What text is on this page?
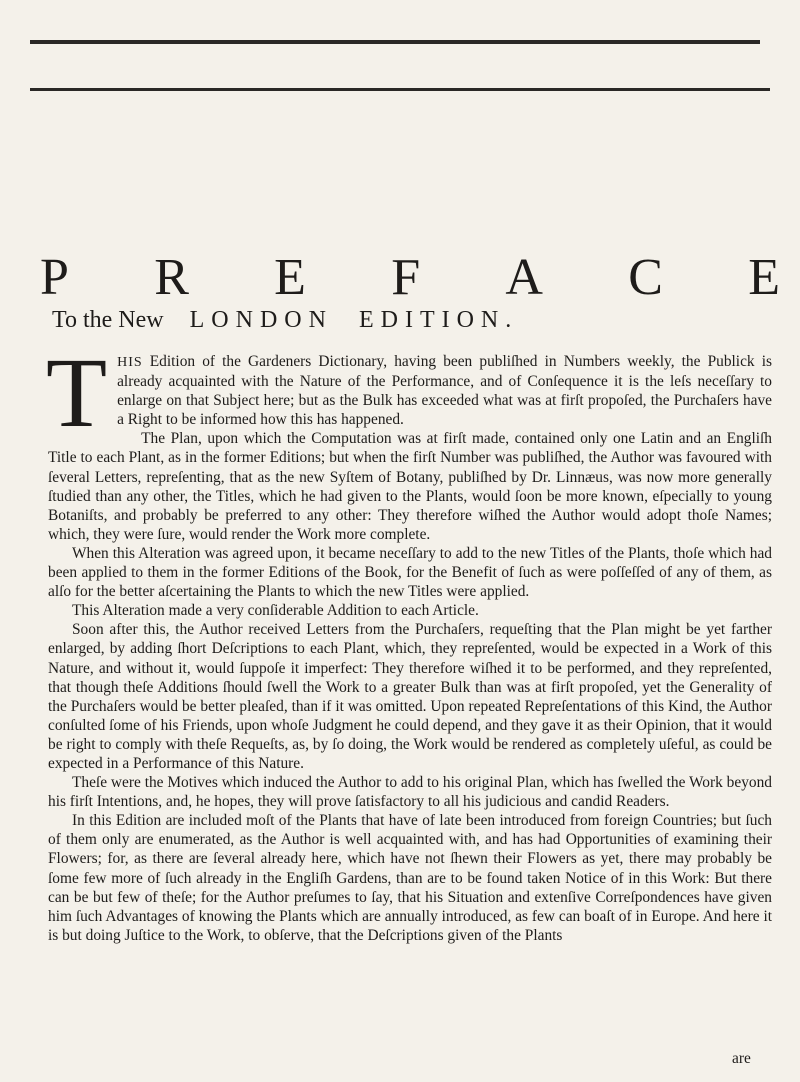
P R E F A C E
To the New LONDON EDITION.

T HIS Edition of the Gardeners Dictionary, having been publiſhed in Numbers weekly, the Publick is already acquainted with the Nature of the Performance, and of Conſequence it is the leſs neceſſary to enlarge on that Subject here; but as the Bulk has exceeded what was at firſt propoſed, the Purchaſers have a Right to be informed how this has happened.

The Plan, upon which the Computation was at firſt made, contained only one Latin and an Engliſh Title to each Plant, as in the former Editions; but when the firſt Number was publiſhed, the Author was favoured with ſeveral Letters, repreſenting, that as the new Syſtem of Botany, publiſhed by Dr. Linnæus, was now more generally ſtudied than any other, the Titles, which he had given to the Plants, would ſoon be more known, eſpecially to young Botaniſts, and probably be preferred to any other: They therefore wiſhed the Author would adopt thoſe Names; which, they were ſure, would render the Work more complete.

When this Alteration was agreed upon, it became neceſſary to add to the new Titles of the Plants, thoſe which had been applied to them in the former Editions of the Book, for the Benefit of ſuch as were poſſeſſed of any of them, as alſo for the better aſcertaining the Plants to which the new Titles were applied.

This Alteration made a very conſiderable Addition to each Article.

Soon after this, the Author received Letters from the Purchaſers, requeſting that the Plan might be yet farther enlarged, by adding ſhort Deſcriptions to each Plant, which, they repreſented, would be expected in a Work of this Nature, and without it, would ſuppoſe it imperfect: They therefore wiſhed it to be performed, and they repreſented, that though theſe Additions ſhould ſwell the Work to a greater Bulk than was at firſt propoſed, yet the Generality of the Purchaſers would be better pleaſed, than if it was omitted. Upon repeated Repreſentations of this Kind, the Author conſulted ſome of his Friends, upon whoſe Judgment he could depend, and they gave it as their Opinion, that it would be right to comply with theſe Requeſts, as, by ſo doing, the Work would be rendered as completely uſeful, as could be expected in a Performance of this Nature.

Theſe were the Motives which induced the Author to add to his original Plan, which has ſwelled the Work beyond his firſt Intentions, and, he hopes, they will prove ſatisfactory to all his judicious and candid Readers.

In this Edition are included moſt of the Plants that have of late been introduced from foreign Countries; but ſuch of them only are enumerated, as the Author is well acquainted with, and has had Opportunities of examining their Flowers; for, as there are ſeveral already here, which have not ſhewn their Flowers as yet, there may probably be ſome few more of ſuch already in the Engliſh Gardens, than are to be found taken Notice of in this Work: But there can be but few of theſe; for the Author preſumes to ſay, that his Situation and extenſive Correſpondences have given him ſuch Advantages of knowing the Plants which are annually introduced, as few can boaſt of in Europe. And here it is but doing Juſtice to the Work, to obſerve, that the Deſcriptions given of the Plants

are
